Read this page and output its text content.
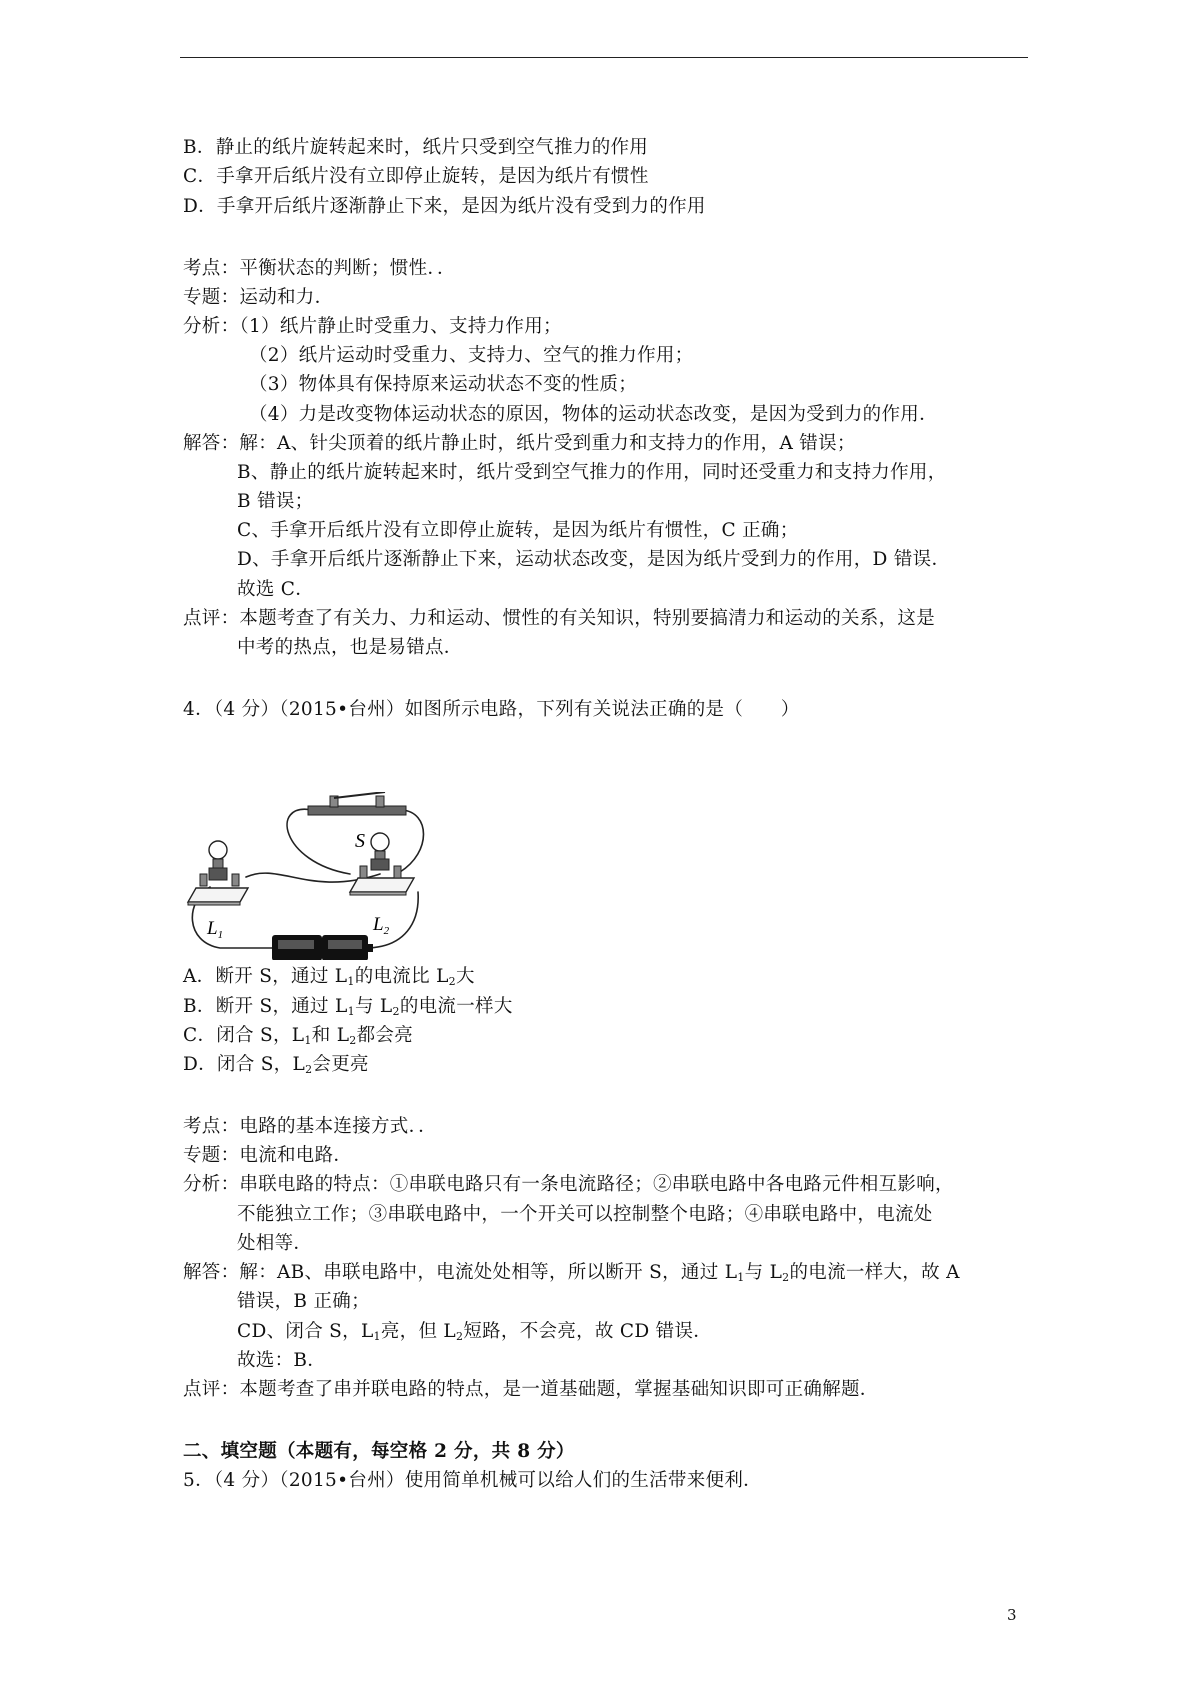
B．静止的纸片旋转起来时，纸片只受到空气推力的作用
C．手拿开后纸片没有立即停止旋转，是因为纸片有惯性
D．手拿开后纸片逐渐静止下来，是因为纸片没有受到力的作用
考点：平衡状态的判断；惯性．．
专题：运动和力．
分析：（1）纸片静止时受重力、支持力作用；
（2）纸片运动时受重力、支持力、空气的推力作用；
（3）物体具有保持原来运动状态不变的性质；
（4）力是改变物体运动状态的原因，物体的运动状态改变，是因为受到力的作用．
解答：解：A、针尖顶着的纸片静止时，纸片受到重力和支持力的作用，A 错误；
B、静止的纸片旋转起来时，纸片受到空气推力的作用，同时还受重力和支持力作用，
B 错误；
C、手拿开后纸片没有立即停止旋转，是因为纸片有惯性，C 正确；
D、手拿开后纸片逐渐静止下来，运动状态改变，是因为纸片受到力的作用，D 错误．
故选 C．
点评：本题考查了有关力、力和运动、惯性的有关知识，特别要搞清力和运动的关系，这是
中考的热点，也是易错点．
4．（4 分）（2015•台州）如图所示电路，下列有关说法正确的是（　　）
S
$L_1$	$L_2$
A．断开 S，通过 $L_1$的电流比 $L_2$大
B．断开 S，通过 $L_1$与 $L_2$的电流一样大
C．闭合 S，$L_1$和 $L_2$都会亮
D．闭合 S，$L_2$会更亮
考点：电路的基本连接方式．．
专题：电流和电路．
分析：串联电路的特点：①串联电路只有一条电流路径；②串联电路中各电路元件相互影响，
不能独立工作；③串联电路中，一个开关可以控制整个电路；④串联电路中，电流处
处相等．
解答：解：AB、串联电路中，电流处处相等，所以断开 S，通过 $L_1$与 $L_2$的电流一样大，故 A
错误，B 正确；
CD、闭合 S，$L_1$亮，但 $L_2$短路，不会亮，故 CD 错误．
故选：B．
点评：本题考查了串并联电路的特点，是一道基础题，掌握基础知识即可正确解题．
二、填空题（本题有，每空格 2 分，共 8 分）
5．（4 分）（2015•台州）使用简单机械可以给人们的生活带来便利．
3
